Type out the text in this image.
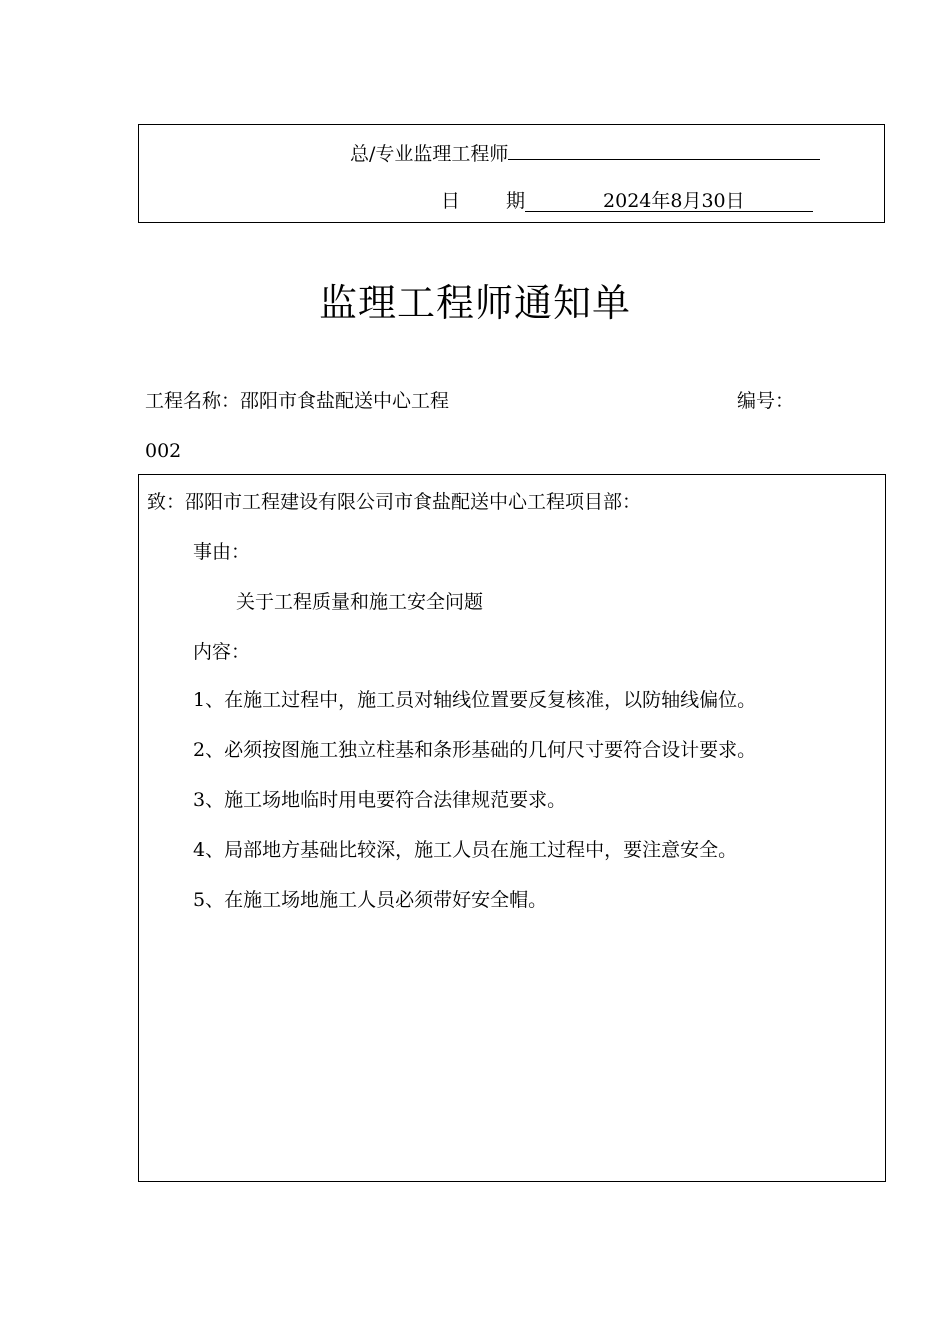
总/专业监理工程师
日 期	2024年8月30日
监理工程师通知单
工程名称：邵阳市食盐配送中心工程	编号：
002
致：邵阳市工程建设有限公司市食盐配送中心工程项目部：
事由：
关于工程质量和施工安全问题
内容：
1、在施工过程中，施工员对轴线位置要反复核准，以防轴线偏位。
2、必须按图施工独立柱基和条形基础的几何尺寸要符合设计要求。
3、施工场地临时用电要符合法律规范要求。
4、局部地方基础比较深，施工人员在施工过程中，要注意安全。
5、在施工场地施工人员必须带好安全帽。
